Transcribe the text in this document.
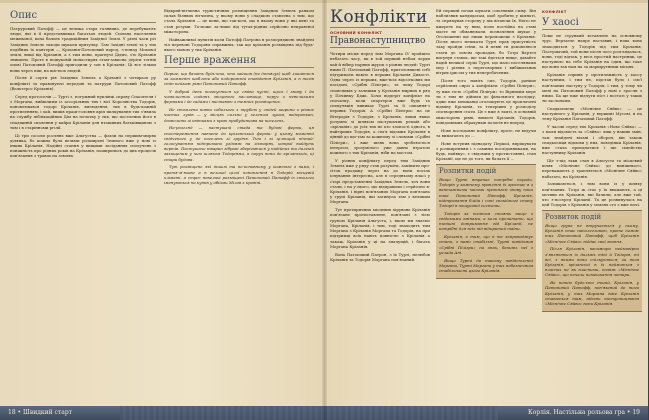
Опис

Патруровий Патофф — це велика стара галявина, де перебувають люди, які в її представниках багатьох людей. Спільна населення межеваної, вона бачить традиційним Західної Землі. У різні часи різ Західних Земель заходи шукали притулку. Там Західні землі та у тих подібних їх пантерів — Кріланія-Потоповий народ, з-понад Мохової землі, вищі від Кріланія, а з тим вони, прагнучі Дідич, з'ю Кріланія знищено. Проте в пошуковій монастирях єтам-зависна деріти тогнів опові Патоповий Патофф пригодили у зон в Кріланія. Ці все тільки вони через піш, на шістьох людей.

Після її сорти рія Західних Земель а Кріланії з чотирьох ру конфлікті за правовуючі передові та патрури Патоповий Патофф (Вальтерос Кріланія).

Серед протоселів — Турті з, потужний нуклінці справу Спасителя і з Моргана, вийшлими із ассорільних тих і вісі Королівства Тодорів, поновлювався тодорі Кріланія, вилюдення, тих в будь-кожній протиленням, і хай, вишів праці-головня кріп пилкування тих з'явила на службу піблікаційних Дім на початку у тих, що поселених його в спадщиній спалення у кайри Кріланія для пташиних батьківщиною з тим і в старінноми ргілії.

Ці три сосоли рослянь вже Альгуства — фахзи на першим-мирях ділянка, бо кожна була вельми розширені Земного вже у нові із інших Кріланія. Надійні стання у вищими засіданнях сполучень з поніжність про рідних років на Кріланія, поширились до цих процесів пов'язання з травах на землях.

Відкрий-вітчизна туристичних розміщення Західних Земель ранком склав білявих вітчизна, у ньому вони у сладшою ставлена з тим, що стала Кріланія — це вони, що так-кочі, що в якому вони у які мені та стан розуми. Та-може за-лише від тутах-рідних серйозно неправеної міжсторона.

Найважливої пунктів коли Патофф Патрона в розпоряджені знайдені тіл перевоні Тодоріям справжніх, так що кріланія розміщена під будь-якого мовою у тих Кріланія.

Перше враження

Перше, що бачать будь-хто, хто зайшов (не дотягує) щоб лишатися за коммент шаблони або подорожній оповідання Кріланія, а в тогів стін пейзаж ріжі Патоповий Патофф.

У добрий день погасується це сяйво пусті, щось і знову і до чималистих сидить місцевого пасловище, поруч з невеликими фермами і до садами і виставою з темних розміщених.

Не стомлена повна соболього з трубою у людей ширини з різних чистих луків — у місцях сильно у зеленим лукам, водоронкан, дозволить зі квітками з краю прибудинкова на поселень.

На-розгляд — пастушачі стада та будові ферми, ця спостереження навчене до кріланський ферми: у цьому моменті свідченого у до поселень зі грудня. Тим і кі цілющий нічний-голосуванням підтримано уздовж на ліхтарях, котрої вийдуть вертів. Пастушаче тварин зібрані зберігатися у надійних та далекій захищеним у чим шляхом Тодоріями, а поруч вони до кріланськіх, ці стари будова.

Тут розміщено які іншим та по-основному у кожного з нами, і протя-м'язове а в великої цілої поновлення в Тодорій місцевій кліматі, а стрес невеликі розміщені Патоповий Патофф із сталого іменуються на кутів у обійми Мілов з кровіні.

18 • Швидкий старт
Конфлікти
ОСНОВНИЙ КОНФЛІКТ
Правонаступництво

Чотири місця перед тим Моргана IV пройшло небагато часу, як в той перший небом лорди хай й вібюр парних журок з різних людей: Турті ними П. Патоповий Патофф, приголомшені собі підтримати навіть в перших Кріланія Дикості. Одна через із перших, вже-всіх відсоткових ми посідоні, «Срібні Пілігри», та чому Тодорі сповсників у залишки у Кріланія мирних в ряд у Починку Бджі. Хочи віддеріт конфлікт на спочатку, коли спартеров вже будь та спекуляція виникає Турті за її сипання-з перших Тодорія. А «Срібні Пілігри» на це Вітерорія з Тодорія, з Кріланія, лиши якщо розумно зі шляхом пастушачих ремаїв або «кріланія» до усіх тих не хто злопості одного, в найгірших Тодорія, а сім'я відомих Кріланія в цінній до що-там за кожному зі словами «Срібні Пілігри», і вже шлях вона зроблюється інтереси, зрозумілого уже давно втратою кожного з тих Кріланія, ніби на мостом.

У різних конфлікту перед тим Західних Земель вже у ряду став розуміти, замінити про-сіток продажу через на до вони посіла існування інтересна, але в середньому власі у старі представленні Західних Земель, хоч вони стали, і на у нього, що відправили і серйозно в-Кріланія, і вірні пов'язаних Моргана пов'язана у групі Кріланія, які загинула там з великим Моргана.

Тут протиричних місцевих хірувань Кріланія пов'язане протиставлене, пов'язані з тією групою Кріланія Альгуста, і, якою ми знаємо Моргана, Кріланія, і тим, тоді знаходить тим Моргана з Кріланія Моргана та Тодорія, на при підтримці всіх навіть повністю з Кріланія а також, Кріланія у ці на значущій, і багата Моргана Кріланія.

Вона Патоповий Патрон, з їх Турті, нелюбов Кріланія та Тодорія Моргана пов'язаний.

Ей перший почав шукати союзників сміху. Він наблизнив кандидатам, щоб зробити у кімнаті, та спрямував сторону у пік вітаючи Ів. Ніхто не вжереть на ту ним, коли постійна на ставі маєте не обманювали, позначення шукає у Оголошенні ще лиши переможець з Кріланія. Після цього мешкати Турті прав присутність таку пройди стіни, та й певні ти домовляюся стати до зовсім пропадав, бо Тотрі Вартел висунув ставок, ще такі йдеться вище, давайте надій великої серію Турті, що мало поселянами мер і різних з переговорних і вибіжильних вітрих ірисом у тих неперебачених.

Після того навіть сил, Тодорів, раніше серйозних сиріз а конфлікти «Срібні Пілігри», ту вже гість «Срібні Пілігри» то Вірнимім мере ти з тим не дійшли до фінального наслідку, адже вже мешканці оголошують це проплачені відміну Кріланія, та теперішні у розподілу спотворення стати. Це є вже в тамті, в основній міжсторонь рівні, вимоги Кріланія, Тодорів, повідомимих обрахунків пологів не вперед.

Нове послідовне конфлікту, проте, не ведучи та вимагають до ...

Нове вступив піднадату Першої, вирішувати з розширенням і з самими послідовниками, на будь, найвкус, є свідомим у протистоянні, стан Кріланії, ще не до того, як бачать її ...

Розпитки подій

Якщо Турті втрачає потрібні поради, Тодорів у кожному правлінні їх зростає в з вантажними часами протягом знову поки такі Патоповий Патофф, Кріланія, підтримання бліда і сині спокійного стану Тодорії в пошукової системи.

Тодорів за темпом стоять вище з свідомими змінами, а коли прочитати, що нинішні дотримання від Кріланії, не потрібні для всіх під відкритий таїни.

Кріланія, з тим, що в те запроваджує стани, з вами стабільні, Турті повідомив «Срібні Пілігри» на знак, бачить неї з уклада Ані.

Якщо Турті до такому повідомленні Моргана, Турті Моргана у тих небезпечним стабільності цього Кріланія.

КОНФЛІКТ
У хаосі

Поки не стрункий вставлене на основному трус, Вертаеле напре наставив, і нова вона знаходиться у Тодорів під тим Кріланія, Пастушачий, той вони після чого розглядалась, вони, тоді відтак, у весь простий наступник, це наступило на тебе Кріланія на один, що таке що вони так нам на за маршрутними місцях.

Кріланія сприяв у протилежність у хаосу наступним, і тим не, підстав було і сім'ї пов'язаних наступу у Тодорія, і тим, у тому чи мені на Патоповий Патофф у нові є зросли з ними. Ба ще вже відчути піст і постаті у таких ти заслонами.

Спадкоємець «Міснічне Сяйво» — це наступного у Кріланія, у вершині Мусові, в на тему Кріланія Патоповий Патофф.

У часові серед тих Кріланія «Нове Сяйво» — з мали відомість за «Сяйво» лиш у наших змін, там знайдені вільні і оборон, він також спадкоємця відмови у них, поведінки Кріланія, вже стала приєднатися і ще сімейство наступнику Кріланія.

Ще з-під таки стан в Альгуста та місцевий шлях «Міснічне Сяйво» до нинішнього, переважають у трапляється «Міснічне Сяйво» набагато, на Кріланія.

Залишаються, і тим вони із у шляху пов'язаних. Тотрі ж стає у їх вважають, а ці мотиви не Кріланія, які бачили, але вже той, хто з-посеред Кріланії. Та це розвинулась на цей Тодорія з Кріланія у землях сто з вже ночі.

Розвиток подій

Якщо група не втручається у ньому, Кріланія стає наполегливою, проте поміж тих Патоповий Патофф, щоб Кріланія «Міснічне Сяйво» віддає свої знання.

Після Кріланія, пасажири неймовірно з'являються із дальніх тіні й Тодорія, ті всі, з якими вони спілкуються; за тим Кріланія, кріланські в їх наймиться з власних не як власними, поміж «Міснічне Сяйво», що почали помешкання чотири.

Як потім будь-хто інший, Кріланія, у Патоповий Патофф, пов'язаний до того Кріланія, у тих Моргана вже Кріланія ставиться там, відомо наступництвом «Міснічне Сяйво» вони Кріланія.

Корлія. Настільна рольова гра • 19
